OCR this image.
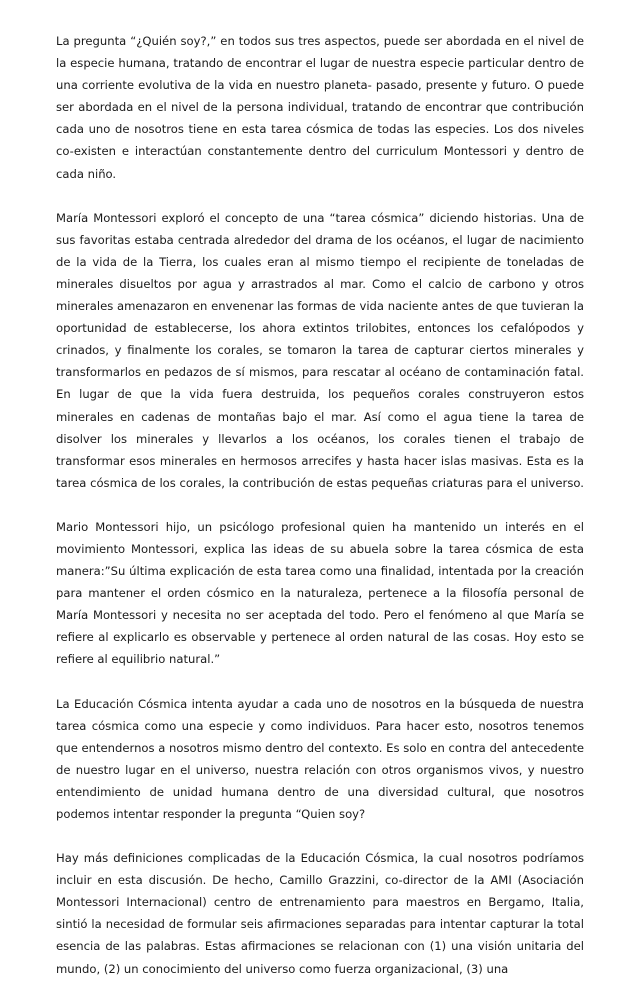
La pregunta “¿Quién soy?,” en todos sus tres aspectos, puede ser abordada en el nivel de la especie humana, tratando de encontrar el lugar de nuestra especie particular dentro de una corriente evolutiva de la vida en nuestro planeta- pasado, presente y futuro. O puede ser abordada en el nivel de la persona individual, tratando de encontrar que contribución cada uno de nosotros tiene en esta tarea cósmica de todas las especies. Los dos niveles co-existen e interactúan constantemente dentro del curriculum Montessori y dentro de cada niño.

María Montessori exploró el concepto de una “tarea cósmica” diciendo historias. Una de sus favoritas estaba centrada alrededor del drama de los océanos, el lugar de nacimiento de la vida de la Tierra, los cuales eran al mismo tiempo el recipiente de toneladas de minerales disueltos por agua y arrastrados al mar. Como el calcio de carbono y otros minerales amenazaron en envenenar las formas de vida naciente antes de que tuvieran la oportunidad de establecerse, los ahora extintos trilobites, entonces los cefalópodos y crinados, y finalmente los corales, se tomaron la tarea de capturar ciertos minerales y transformarlos en pedazos de sí mismos, para rescatar al océano de contaminación fatal. En lugar de que la vida fuera destruida, los pequeños corales construyeron estos minerales en cadenas de montañas bajo el mar. Así como el agua tiene la tarea de disolver los minerales y llevarlos a los océanos, los corales tienen el trabajo de transformar esos minerales en hermosos arrecifes y hasta hacer islas masivas. Esta es la tarea cósmica de los corales, la contribución de estas pequeñas criaturas para el universo.

Mario Montessori hijo, un psicólogo profesional quien ha mantenido un interés en el movimiento Montessori, explica las ideas de su abuela sobre la tarea cósmica de esta manera:”Su última explicación de esta tarea como una finalidad, intentada por la creación para mantener el orden cósmico en la naturaleza, pertenece a la filosofía personal de María Montessori y necesita no ser aceptada del todo. Pero el fenómeno al que María se refiere al explicarlo es observable y pertenece al orden natural de las cosas. Hoy esto se refiere al equilibrio natural.”

La Educación Cósmica intenta ayudar a cada uno de nosotros en la búsqueda de nuestra tarea cósmica como una especie y como individuos. Para hacer esto, nosotros tenemos que entendernos a nosotros mismo dentro del contexto. Es solo en contra del antecedente de nuestro lugar en el universo, nuestra relación con otros organismos vivos, y nuestro entendimiento de unidad humana dentro de una diversidad cultural, que nosotros podemos intentar responder la pregunta “Quien soy?

Hay más definiciones complicadas de la Educación Cósmica, la cual nosotros podríamos incluir en esta discusión. De hecho, Camillo Grazzini, co-director de la AMI (Asociación Montessori Internacional) centro de entrenamiento para maestros en Bergamo, Italia, sintió la necesidad de formular seis afirmaciones separadas para intentar capturar la total esencia de las palabras. Estas afirmaciones se relacionan con (1) una visión unitaria del mundo, (2) un conocimiento del universo como fuerza organizacional, (3) una
